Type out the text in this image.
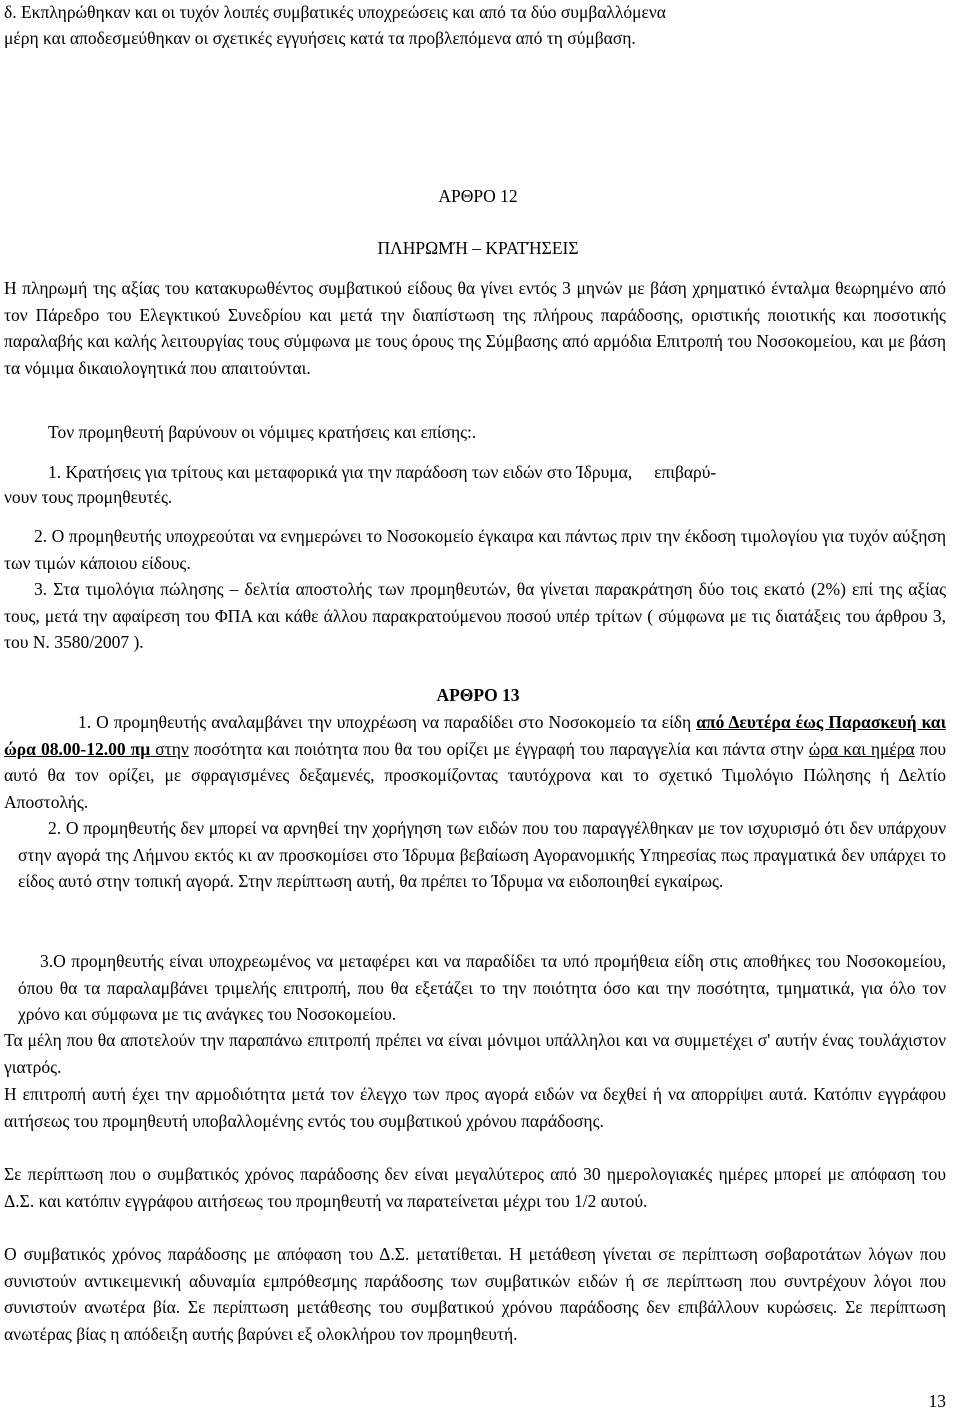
δ. Εκπληρώθηκαν και οι τυχόν λοιπές συμβατικές υποχρεώσεις και από τα δύο συμβαλλόμενα

μέρη και αποδεσμεύθηκαν οι σχετικές εγγυήσεις κατά τα προβλεπόμενα από τη σύμβαση.

ΑΡΘΡΟ 12

ΠΛΗΡΩΜΉ – ΚΡΑΤΉΣΕΙΣ

Η πληρωμή της αξίας του κατακυρωθέντος συμβατικού είδους θα γίνει εντός 3 μηνών με βάση χρηματικό ένταλμα θεωρημένο από τον Πάρεδρο του Ελεγκτικού Συνεδρίου και μετά την διαπίστωση της πλήρους παράδοσης, οριστικής ποιοτικής και ποσοτικής παραλαβής και καλής λειτουργίας τους σύμφωνα με τους όρους της Σύμβασης από αρμόδια Επιτροπή του Νοσοκομείου, και με βάση τα νόμιμα δικαιολογητικά που απαιτούνται.

Τον προμηθευτή βαρύνουν οι νόμιμες κρατήσεις και επίσης:.

1. Κρατήσεις για τρίτους και μεταφορικά για την παράδοση των ειδών στο Ίδρυμα,     επιβαρύ-

νουν τους προμηθευτές.

2. Ο προμηθευτής υποχρεούται να ενημερώνει το Νοσοκομείο έγκαιρα και πάντως πριν την έκδοση τιμολογίου για τυχόν αύξηση των τιμών κάποιου είδους.

3. Στα τιμολόγια πώλησης – δελτία αποστολής των προμηθευτών, θα γίνεται παρακράτηση δύο τοις εκατό (2%) επί της αξίας τους, μετά την αφαίρεση του ΦΠΑ και κάθε άλλου παρακρατούμενου ποσού υπέρ τρίτων ( σύμφωνα με τις διατάξεις του άρθρου 3, του Ν. 3580/2007 ).

ΑΡΘΡΟ 13

1. Ο προμηθευτής αναλαμβάνει την υποχρέωση να παραδίδει στο Νοσοκομείο τα είδη από Δευτέρα έως Παρασκευή και ώρα 08.00-12.00 πμ στην ποσότητα και ποιότητα που θα του ορίζει με έγγραφή του παραγγελία και πάντα στην ώρα και ημέρα που αυτό θα τον ορίζει, με σφραγισμένες δεξαμενές, προσκομίζοντας ταυτόχρονα και το σχετικό Τιμολόγιο Πώλησης ή Δελτίο Αποστολής.

2. Ο προμηθευτής δεν μπορεί να αρνηθεί την χορήγηση των ειδών που του παραγγέλθηκαν με τον ισχυρισμό ότι δεν υπάρχουν στην αγορά της Λήμνου εκτός κι αν προσκομίσει στο Ίδρυμα βεβαίωση Αγορανομικής Υπηρεσίας πως πραγματικά δεν υπάρχει το είδος αυτό στην τοπική αγορά. Στην περίπτωση αυτή, θα πρέπει το Ίδρυμα να ειδοποιηθεί εγκαίρως.

3.Ο προμηθευτής είναι υποχρεωμένος να μεταφέρει και να παραδίδει τα υπό προμήθεια είδη στις αποθήκες του Νοσοκομείου, όπου θα τα παραλαμβάνει τριμελής επιτροπή, που θα εξετάζει το την ποιότητα όσο και την ποσότητα, τμηματικά, για όλο τον χρόνο και σύμφωνα με τις ανάγκες του Νοσοκομείου.

Τα μέλη που θα αποτελούν την παραπάνω επιτροπή πρέπει να είναι μόνιμοι υπάλληλοι και να συμμετέχει σ' αυτήν ένας τουλάχιστον γιατρός.

Η επιτροπή αυτή έχει την αρμοδιότητα μετά τον έλεγχο των προς αγορά ειδών να δεχθεί ή να απορρίψει αυτά. Κατόπιν εγγράφου αιτήσεως του προμηθευτή υποβαλλομένης εντός του συμβατικού χρόνου παράδοσης.

Σε περίπτωση που ο συμβατικός χρόνος παράδοσης δεν είναι μεγαλύτερος από 30 ημερολογιακές ημέρες μπορεί με απόφαση του Δ.Σ. και κατόπιν εγγράφου αιτήσεως του προμηθευτή να παρατείνεται μέχρι του 1/2 αυτού.

Ο συμβατικός χρόνος παράδοσης με απόφαση του Δ.Σ. μετατίθεται. Η μετάθεση γίνεται σε περίπτωση σοβαροτάτων λόγων που συνιστούν αντικειμενική αδυναμία εμπρόθεσμης παράδοσης των συμβατικών ειδών ή σε περίπτωση που συντρέχουν λόγοι που συνιστούν ανωτέρα βία. Σε περίπτωση μετάθεσης του συμβατικού χρόνου παράδοσης δεν επιβάλλουν κυρώσεις. Σε περίπτωση ανωτέρας βίας η απόδειξη αυτής βαρύνει εξ ολοκλήρου τον προμηθευτή.

13
